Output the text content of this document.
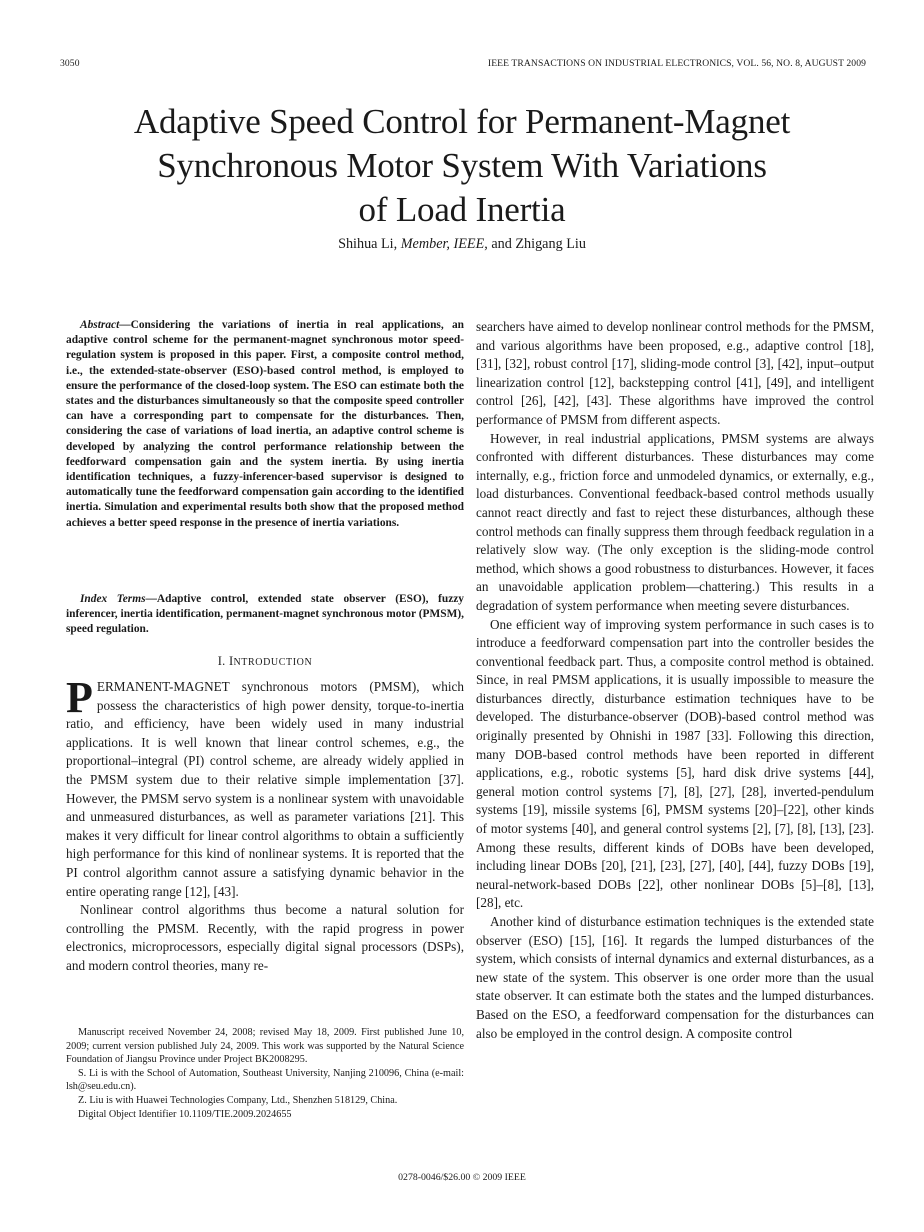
3050	IEEE TRANSACTIONS ON INDUSTRIAL ELECTRONICS, VOL. 56, NO. 8, AUGUST 2009
Adaptive Speed Control for Permanent-Magnet
Synchronous Motor System With Variations
of Load Inertia
Shihua Li, Member, IEEE, and Zhigang Liu

Abstract—Considering the variations of inertia in real applications, an adaptive control scheme for the permanent-magnet synchronous motor speed-regulation system is proposed in this paper. First, a composite control method, i.e., the extended-state-observer (ESO)-based control method, is employed to ensure the performance of the closed-loop system. The ESO can estimate both the states and the disturbances simultaneously so that the composite speed controller can have a corresponding part to compensate for the disturbances. Then, considering the case of variations of load inertia, an adaptive control scheme is developed by analyzing the control performance relationship between the feedforward compensation gain and the system inertia. By using inertia identification techniques, a fuzzy-inferencer-based supervisor is designed to automatically tune the feedforward compensation gain according to the identified inertia. Simulation and experimental results both show that the proposed method achieves a better speed response in the presence of inertia variations.

Index Terms—Adaptive control, extended state observer (ESO), fuzzy inferencer, inertia identification, permanent-magnet synchronous motor (PMSM), speed regulation.

I. INTRODUCTION

PERMANENT-MAGNET synchronous motors (PMSM), which possess the characteristics of high power density, torque-to-inertia ratio, and efficiency, have been widely used in many industrial applications. It is well known that linear control schemes, e.g., the proportional–integral (PI) control scheme, are already widely applied in the PMSM system due to their relative simple implementation [37]. However, the PMSM servo system is a nonlinear system with unavoidable and unmeasured disturbances, as well as parameter variations [21]. This makes it very difficult for linear control algorithms to obtain a sufficiently high performance for this kind of nonlinear systems. It is reported that the PI control algorithm cannot assure a satisfying dynamic behavior in the entire operating range [12], [43].

Nonlinear control algorithms thus become a natural solution for controlling the PMSM. Recently, with the rapid progress in power electronics, microprocessors, especially digital signal processors (DSPs), and modern control theories, many re-

Manuscript received November 24, 2008; revised May 18, 2009. First published June 10, 2009; current version published July 24, 2009. This work was supported by the Natural Science Foundation of Jiangsu Province under Project BK2008295.

S. Li is with the School of Automation, Southeast University, Nanjing 210096, China (e-mail: lsh@seu.edu.cn).

Z. Liu is with Huawei Technologies Company, Ltd., Shenzhen 518129, China.

Digital Object Identifier 10.1109/TIE.2009.2024655

searchers have aimed to develop nonlinear control methods for the PMSM, and various algorithms have been proposed, e.g., adaptive control [18], [31], [32], robust control [17], sliding-mode control [3], [42], input–output linearization control [12], backstepping control [41], [49], and intelligent control [26], [42], [43]. These algorithms have improved the control performance of PMSM from different aspects.

However, in real industrial applications, PMSM systems are always confronted with different disturbances. These disturbances may come internally, e.g., friction force and unmodeled dynamics, or externally, e.g., load disturbances. Conventional feedback-based control methods usually cannot react directly and fast to reject these disturbances, although these control methods can finally suppress them through feedback regulation in a relatively slow way. (The only exception is the sliding-mode control method, which shows a good robustness to disturbances. However, it faces an unavoidable application problem—chattering.) This results in a degradation of system performance when meeting severe disturbances.

One efficient way of improving system performance in such cases is to introduce a feedforward compensation part into the controller besides the conventional feedback part. Thus, a composite control method is obtained. Since, in real PMSM applications, it is usually impossible to measure the disturbances directly, disturbance estimation techniques have to be developed. The disturbance-observer (DOB)-based control method was originally presented by Ohnishi in 1987 [33]. Following this direction, many DOB-based control methods have been reported in different applications, e.g., robotic systems [5], hard disk drive systems [44], general motion control systems [7], [8], [27], [28], inverted-pendulum systems [19], missile systems [6], PMSM systems [20]–[22], other kinds of motor systems [40], and general control systems [2], [7], [8], [13], [23]. Among these results, different kinds of DOBs have been developed, including linear DOBs [20], [21], [23], [27], [40], [44], fuzzy DOBs [19], neural-network-based DOBs [22], other nonlinear DOBs [5]–[8], [13], [28], etc.

Another kind of disturbance estimation techniques is the extended state observer (ESO) [15], [16]. It regards the lumped disturbances of the system, which consists of internal dynamics and external disturbances, as a new state of the system. This observer is one order more than the usual state observer. It can estimate both the states and the lumped disturbances. Based on the ESO, a feedforward compensation for the disturbances can also be employed in the control design. A composite control

0278-0046/$26.00 © 2009 IEEE
